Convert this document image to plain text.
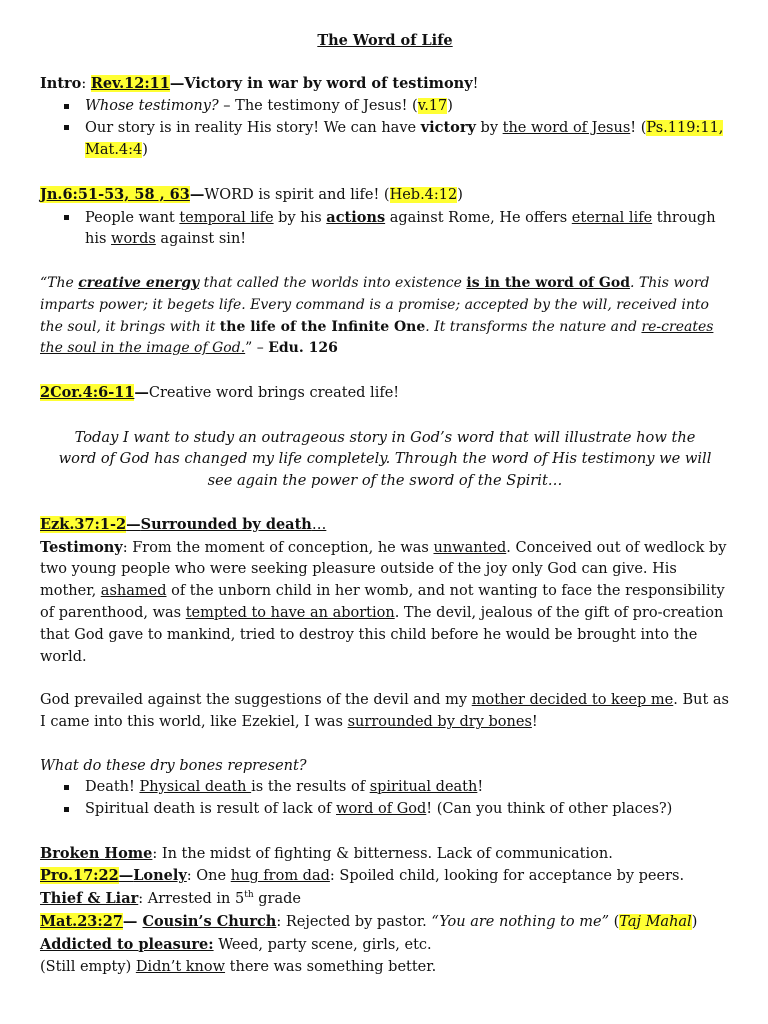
The Word of Life

Intro: Rev.12:11—Victory in war by word of testimony!

Whose testimony? – The testimony of Jesus! (v.17)
Our story is in reality His story! We can have victory by the word of Jesus! (Ps.119:11, Mat.4:4)

Jn.6:51-53, 58 , 63—WORD is spirit and life! (Heb.4:12)

People want temporal life by his actions against Rome, He offers eternal life through his words against sin!

“The creative energy that called the worlds into existence is in the word of God. This word imparts power; it begets life. Every command is a promise; accepted by the will, received into the soul, it brings with it the life of the Infinite One. It transforms the nature and re-creates the soul in the image of God.” – Edu. 126

2Cor.4:6-11—Creative word brings created life!

Today I want to study an outrageous story in God’s word that will illustrate how the word of God has changed my life completely. Through the word of His testimony we will see again the power of the sword of the Spirit…

Ezk.37:1-2—Surrounded by death…

Testimony: From the moment of conception, he was unwanted. Conceived out of wedlock by two young people who were seeking pleasure outside of the joy only God can give. His mother, ashamed of the unborn child in her womb, and not wanting to face the responsibility of parenthood, was tempted to have an abortion. The devil, jealous of the gift of pro-creation that God gave to mankind, tried to destroy this child before he would be brought into the world.

God prevailed against the suggestions of the devil and my mother decided to keep me. But as I came into this world, like Ezekiel, I was surrounded by dry bones!

What do these dry bones represent?

Death! Physical death is the results of spiritual death!
Spiritual death is result of lack of word of God! (Can you think of other places?)

Broken Home: In the midst of fighting & bitterness. Lack of communication.

Pro.17:22—Lonely: One hug from dad: Spoiled child, looking for acceptance by peers.

Thief & Liar: Arrested in 5th grade

Mat.23:27— Cousin’s Church: Rejected by pastor. “You are nothing to me” (Taj Mahal)

Addicted to pleasure: Weed, party scene, girls, etc.

(Still empty) Didn’t know there was something better.
